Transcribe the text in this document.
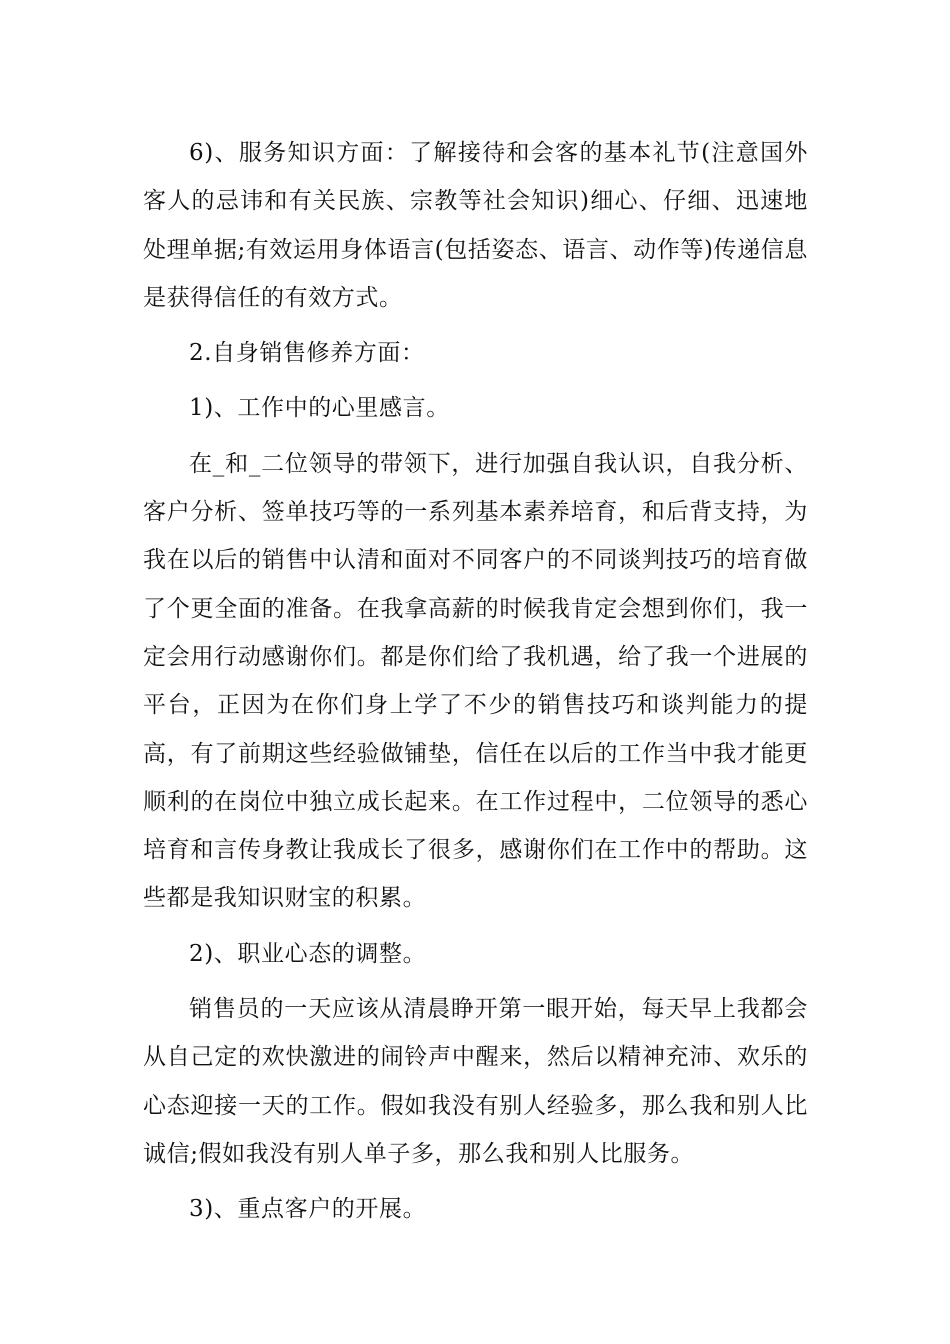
6)、服务知识方面：了解接待和会客的基本礼节(注意国外客人的忌讳和有关民族、宗教等社会知识)细心、仔细、迅速地处理单据;有效运用身体语言(包括姿态、语言、动作等)传递信息是获得信任的有效方式。

2.自身销售修养方面：

1)、工作中的心里感言。

在_和_二位领导的带领下，进行加强自我认识，自我分析、客户分析、签单技巧等的一系列基本素养培育，和后背支持，为我在以后的销售中认清和面对不同客户的不同谈判技巧的培育做了个更全面的准备。在我拿高薪的时候我肯定会想到你们，我一定会用行动感谢你们。都是你们给了我机遇，给了我一个进展的平台，正因为在你们身上学了不少的销售技巧和谈判能力的提高，有了前期这些经验做铺垫，信任在以后的工作当中我才能更顺利的在岗位中独立成长起来。在工作过程中，二位领导的悉心培育和言传身教让我成长了很多，感谢你们在工作中的帮助。这些都是我知识财宝的积累。

2)、职业心态的调整。

销售员的一天应该从清晨睁开第一眼开始，每天早上我都会从自己定的欢快激进的闹铃声中醒来，然后以精神充沛、欢乐的心态迎接一天的工作。假如我没有别人经验多，那么我和别人比诚信;假如我没有别人单子多，那么我和别人比服务。

3)、重点客户的开展。
